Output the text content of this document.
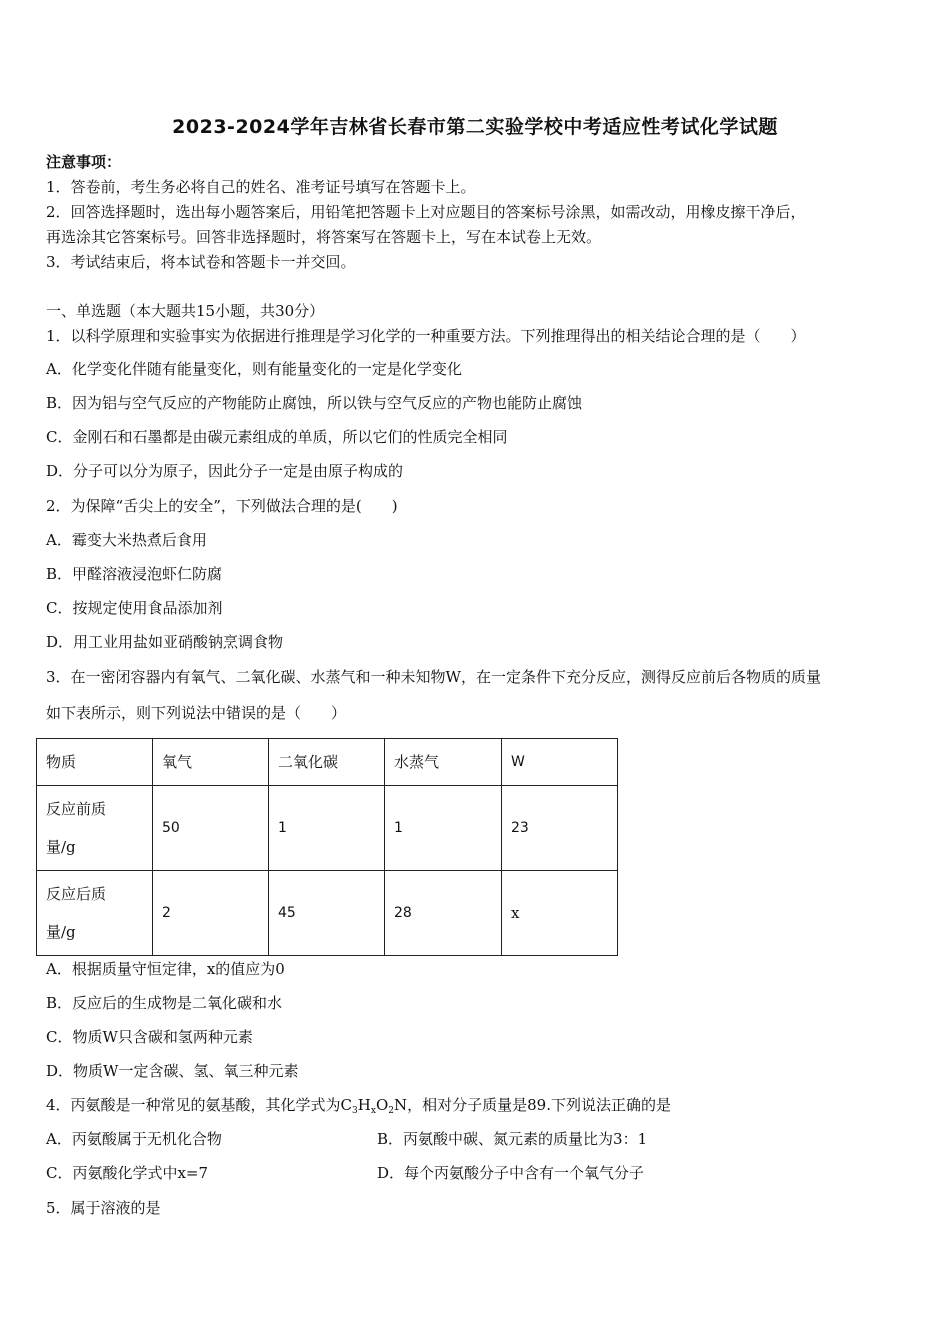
2023-2024学年吉林省长春市第二实验学校中考适应性考试化学试题
注意事项：
1．答卷前，考生务必将自己的姓名、准考证号填写在答题卡上。
2．回答选择题时，选出每小题答案后，用铅笔把答题卡上对应题目的答案标号涂黑，如需改动，用橡皮擦干净后，
再选涂其它答案标号。回答非选择题时，将答案写在答题卡上，写在本试卷上无效。
3．考试结束后，将本试卷和答题卡一并交回。
一、单选题（本大题共15小题，共30分）
1．以科学原理和实验事实为依据进行推理是学习化学的一种重要方法。下列推理得出的相关结论合理的是（　　）
A．化学变化伴随有能量变化，则有能量变化的一定是化学变化
B．因为铝与空气反应的产物能防止腐蚀，所以铁与空气反应的产物也能防止腐蚀
C．金刚石和石墨都是由碳元素组成的单质，所以它们的性质完全相同
D．分子可以分为原子，因此分子一定是由原子构成的
2．为保障“舌尖上的安全”，下列做法合理的是(　　)
A．霉变大米热煮后食用
B．甲醛溶液浸泡虾仁防腐
C．按规定使用食品添加剂
D．用工业用盐如亚硝酸钠烹调食物
3．在一密闭容器内有氧气、二氧化碳、水蒸气和一种未知物W，在一定条件下充分反应，测得反应前后各物质的质量
如下表所示，则下列说法中错误的是（　　）
物质	氧气	二氧化碳	水蒸气	W
反应前质
量/g	50	1	1	23
反应后质
量/g	2	45	28	x
A．根据质量守恒定律，x的值应为0
B．反应后的生成物是二氧化碳和水
C．物质W只含碳和氢两种元素
D．物质W一定含碳、氢、氧三种元素
4．丙氨酸是一种常见的氨基酸，其化学式为$C_3H_xO_2N$，相对分子质量是89.下列说法正确的是
A．丙氨酸属于无机化合物	B．丙氨酸中碳、氮元素的质量比为3：1
C．丙氨酸化学式中x=7	D．每个丙氨酸分子中含有一个氧气分子
5．属于溶液的是
